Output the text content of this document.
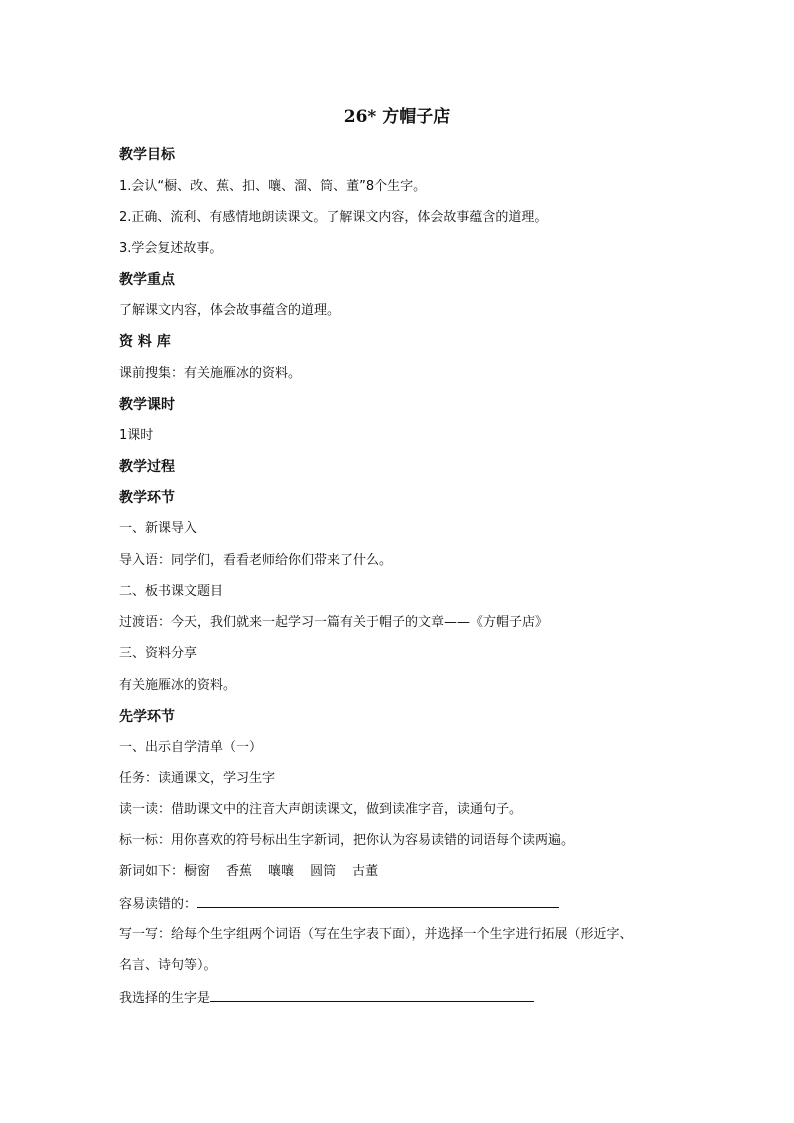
26* 方帽子店
教学目标
1.会认“橱、改、蕉、扣、嚷、溜、筒、董”8个生字。
2.正确、流利、有感情地朗读课文。了解课文内容，体会故事蕴含的道理。
3.学会复述故事。
教学重点
了解课文内容，体会故事蕴含的道理。
资 料 库
课前搜集：有关施雁冰的资料。
教学课时
1课时
教学过程
教学环节
一、新课导入
导入语：同学们，看看老师给你们带来了什么。
二、板书课文题目
过渡语：今天，我们就来一起学习一篇有关于帽子的文章——《方帽子店》
三、资料分享
有关施雁冰的资料。
先学环节
一、出示自学清单（一）
任务：读通课文，学习生字
读一读：借助课文中的注音大声朗读课文，做到读准字音，读通句子。
标一标：用你喜欢的符号标出生字新词，把你认为容易读错的词语每个读两遍。
新词如下：橱窗 香蕉 嚷嚷 圆筒 古董
容易读错的：
写一写：给每个生字组两个词语（写在生字表下面），并选择一个生字进行拓展（形近字、
名言、诗句等）。
我选择的生字是
